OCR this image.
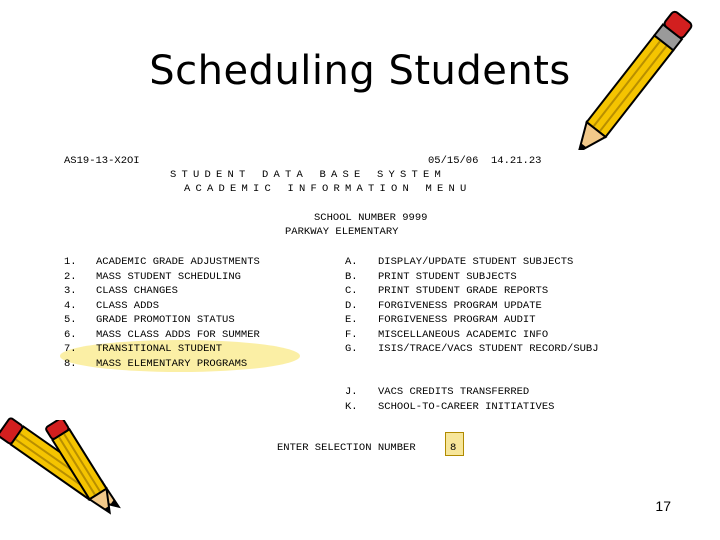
Scheduling Students
AS19-13-X2OI	05/15/06  14.21.23
STUDENT DATA BASE SYSTEM
ACADEMIC INFORMATION MENU
SCHOOL NUMBER 9999
PARKWAY ELEMENTARY
1. ACADEMIC GRADE ADJUSTMENTS
2. MASS STUDENT SCHEDULING
3. CLASS CHANGES
4. CLASS ADDS
5. GRADE PROMOTION STATUS
6. MASS CLASS ADDS FOR SUMMER
7. TRANSITIONAL STUDENT
8. MASS ELEMENTARY PROGRAMS
A. DISPLAY/UPDATE STUDENT SUBJECTS
B. PRINT STUDENT SUBJECTS
C. PRINT STUDENT GRADE REPORTS
D. FORGIVENESS PROGRAM UPDATE
E. FORGIVENESS PROGRAM AUDIT
F. MISCELLANEOUS ACADEMIC INFO
G. ISIS/TRACE/VACS STUDENT RECORD/SUBJ
J. VACS CREDITS TRANSFERRED
K. SCHOOL-TO-CAREER INITIATIVES
ENTER SELECTION NUMBER	8
17
